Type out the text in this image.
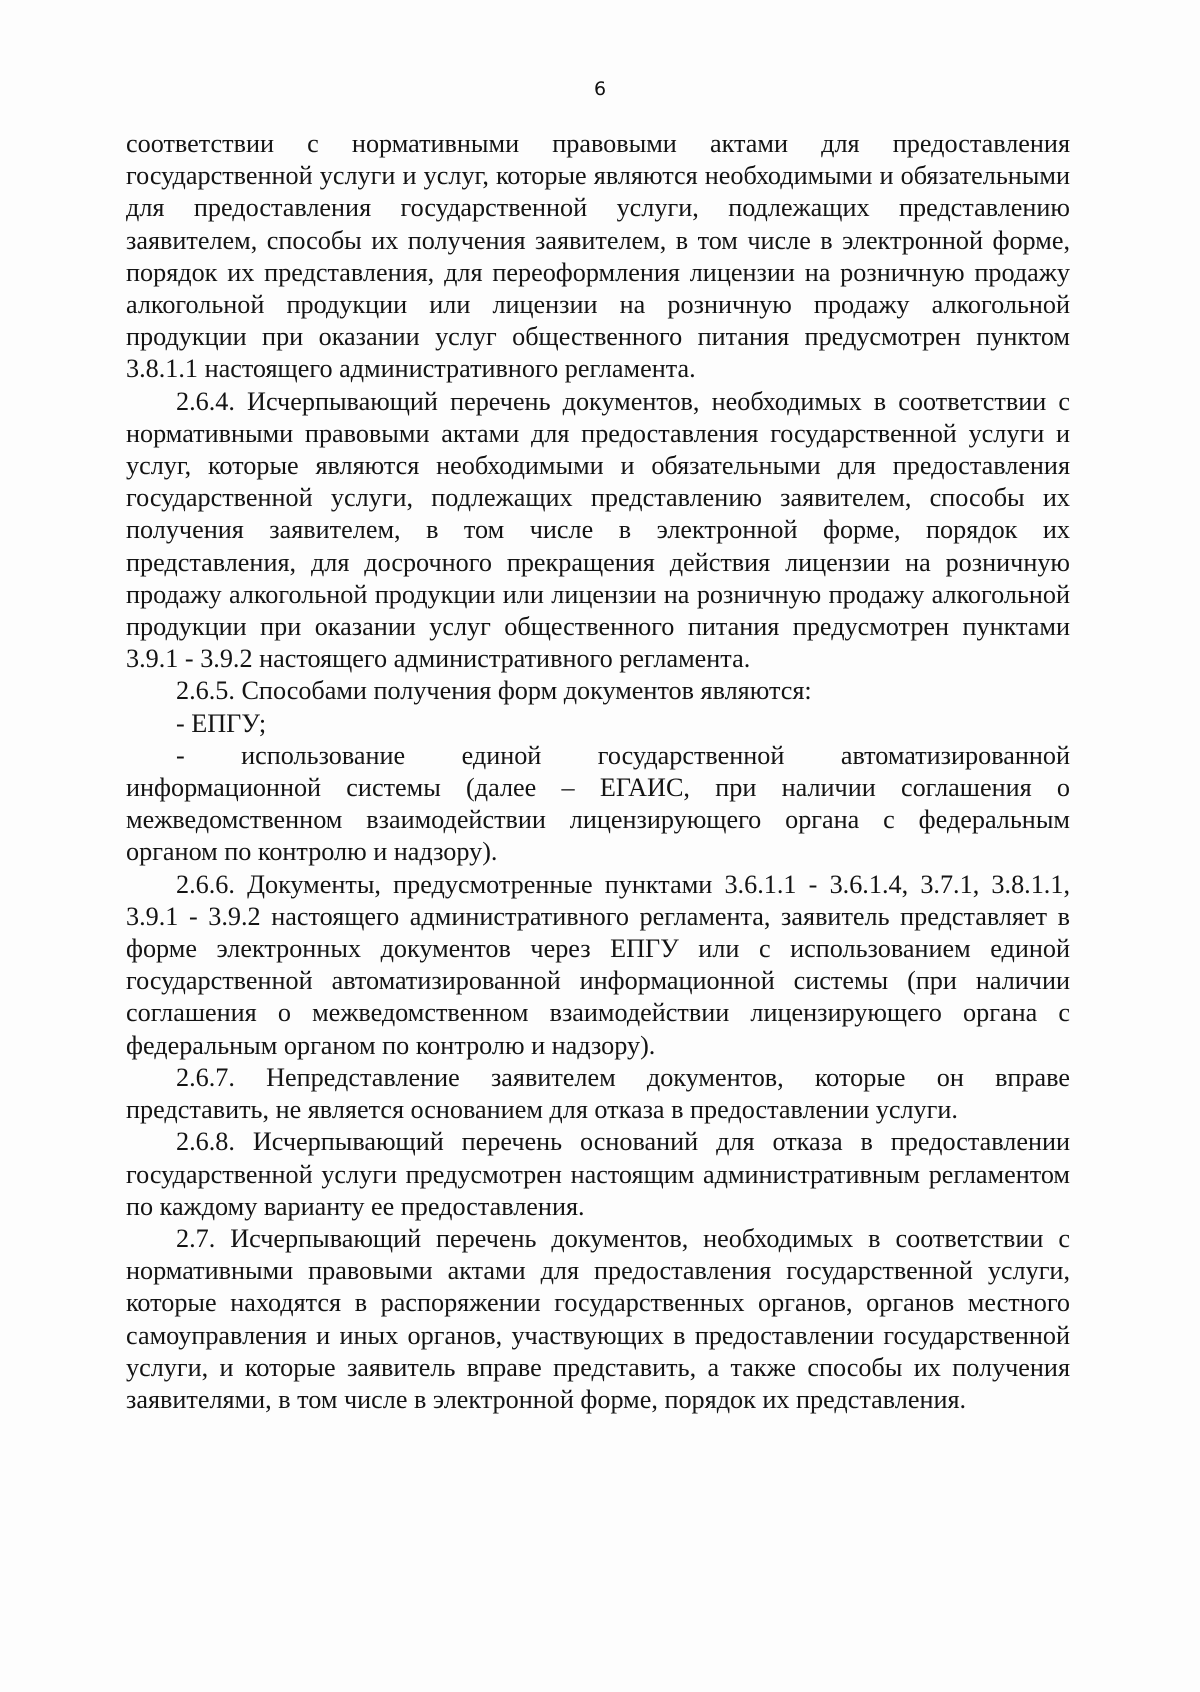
6

соответствии с нормативными правовыми актами для предоставления государственной услуги и услуг, которые являются необходимыми и обязательными для предоставления государственной услуги, подлежащих представлению заявителем, способы их получения заявителем, в том числе в электронной форме, порядок их представления, для переоформления лицензии на розничную продажу алкогольной продукции или лицензии на розничную продажу алкогольной продукции при оказании услуг общественного питания предусмотрен пунктом 3.8.1.1 настоящего административного регламента.

2.6.4. Исчерпывающий перечень документов, необходимых в соответствии с нормативными правовыми актами для предоставления государственной услуги и услуг, которые являются необходимыми и обязательными для предоставления государственной услуги, подлежащих представлению заявителем, способы их получения заявителем, в том числе в электронной форме, порядок их представления, для досрочного прекращения действия лицензии на розничную продажу алкогольной продукции или лицензии на розничную продажу алкогольной продукции при оказании услуг общественного питания предусмотрен пунктами 3.9.1 - 3.9.2 настоящего административного регламента.

2.6.5. Способами получения форм документов являются:

- ЕПГУ;

- использование единой государственной автоматизированной информационной системы (далее – ЕГАИС, при наличии соглашения о межведомственном взаимодействии лицензирующего органа с федеральным органом по контролю и надзору).

2.6.6. Документы, предусмотренные пунктами 3.6.1.1 - 3.6.1.4, 3.7.1, 3.8.1.1, 3.9.1 - 3.9.2 настоящего административного регламента, заявитель представляет в форме электронных документов через ЕПГУ или с использованием единой государственной автоматизированной информационной системы (при наличии соглашения о межведомственном взаимодействии лицензирующего органа с федеральным органом по контролю и надзору).

2.6.7. Непредставление заявителем документов, которые он вправе представить, не является основанием для отказа в предоставлении услуги.

2.6.8. Исчерпывающий перечень оснований для отказа в предоставлении государственной услуги предусмотрен настоящим административным регламентом по каждому варианту ее предоставления.

2.7. Исчерпывающий перечень документов, необходимых в соответствии с нормативными правовыми актами для предоставления государственной услуги, которые находятся в распоряжении государственных органов, органов местного самоуправления и иных органов, участвующих в предоставлении государственной услуги, и которые заявитель вправе представить, а также способы их получения заявителями, в том числе в электронной форме, порядок их представления.
